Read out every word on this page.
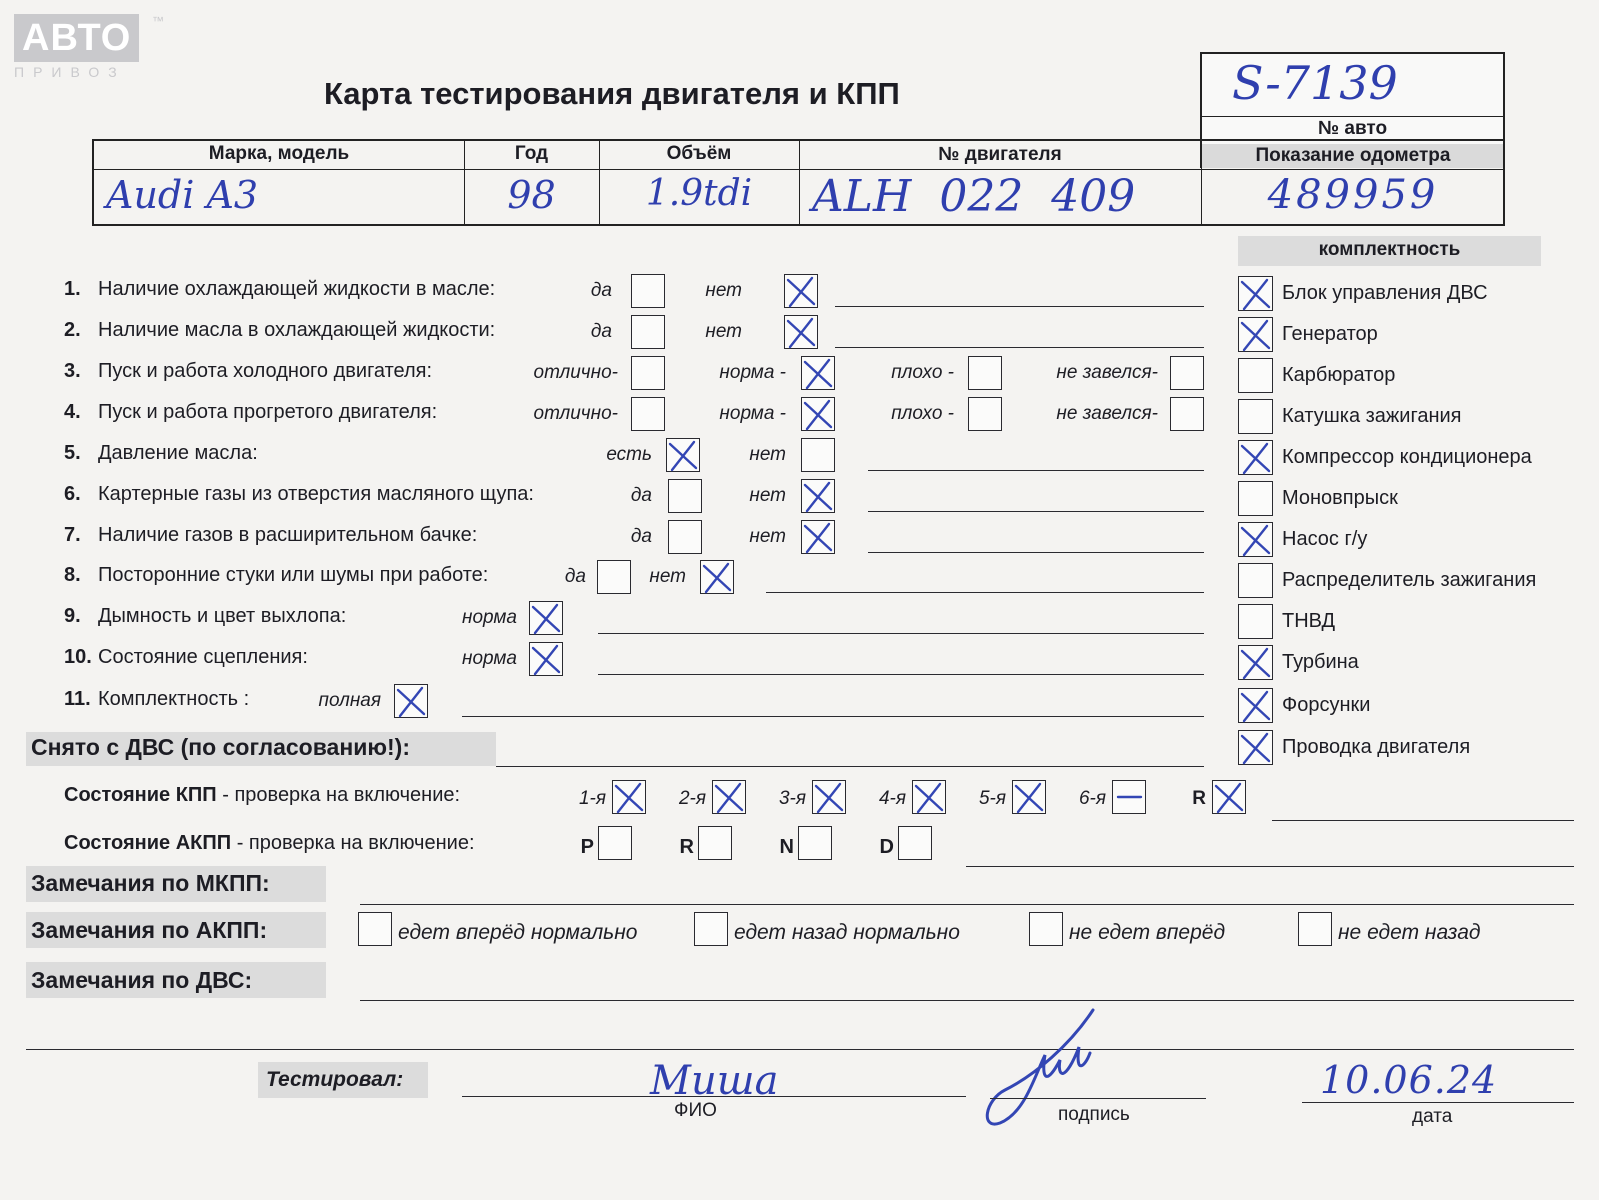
АВТО
ПРИВОЗ
™
Карта тестирования двигателя и КПП	S-7139
№ авто
Марка, модель	Год	Объём	№ двигателя	Показание одометра
Audi A3	98	1.9tdi	ALH  022  409	489959
комплектность
1. Наличие охлаждающей жидкости в масле:	да	нет
2. Наличие масла в охлаждающей жидкости:	да	нет
3. Пуск и работа холодного двигателя:	отлично-	норма -	плохо -	не завелся-
4. Пуск и работа прогретого двигателя:	отлично-	норма -	плохо -	не завелся-
5. Давление масла:	есть	нет
6. Картерные газы из отверстия масляного щупа:	да	нет
7. Наличие газов в расширительном бачке:	да	нет
8. Посторонние стуки или шумы при работе:	да	нет
9. Дымность и цвет выхлопа:	норма
10. Состояние сцепления:	норма
11. Комплектность :	полная
Блок управления ДВС
Генератор
Карбюратор
Катушка зажигания
Компрессор кондиционера
Моновпрыск
Насос г/у
Распределитель зажигания
ТНВД
Турбина
Форсунки
Проводка двигателя
Снято с ДВС (по согласованию!):
Состояние КПП - проверка на включение:	1-я	2-я	3-я	4-я	5-я	6-я	R
Состояние АКПП - проверка на включение:	P	R	N	D
Замечания по МКПП:
Замечания по АКПП:	едет вперёд нормально	едет назад нормально	не едет вперёд	не едет назад
Замечания по ДВС:
Тестировал:	Миша
ФИО	подпись
10.06.24
дата
